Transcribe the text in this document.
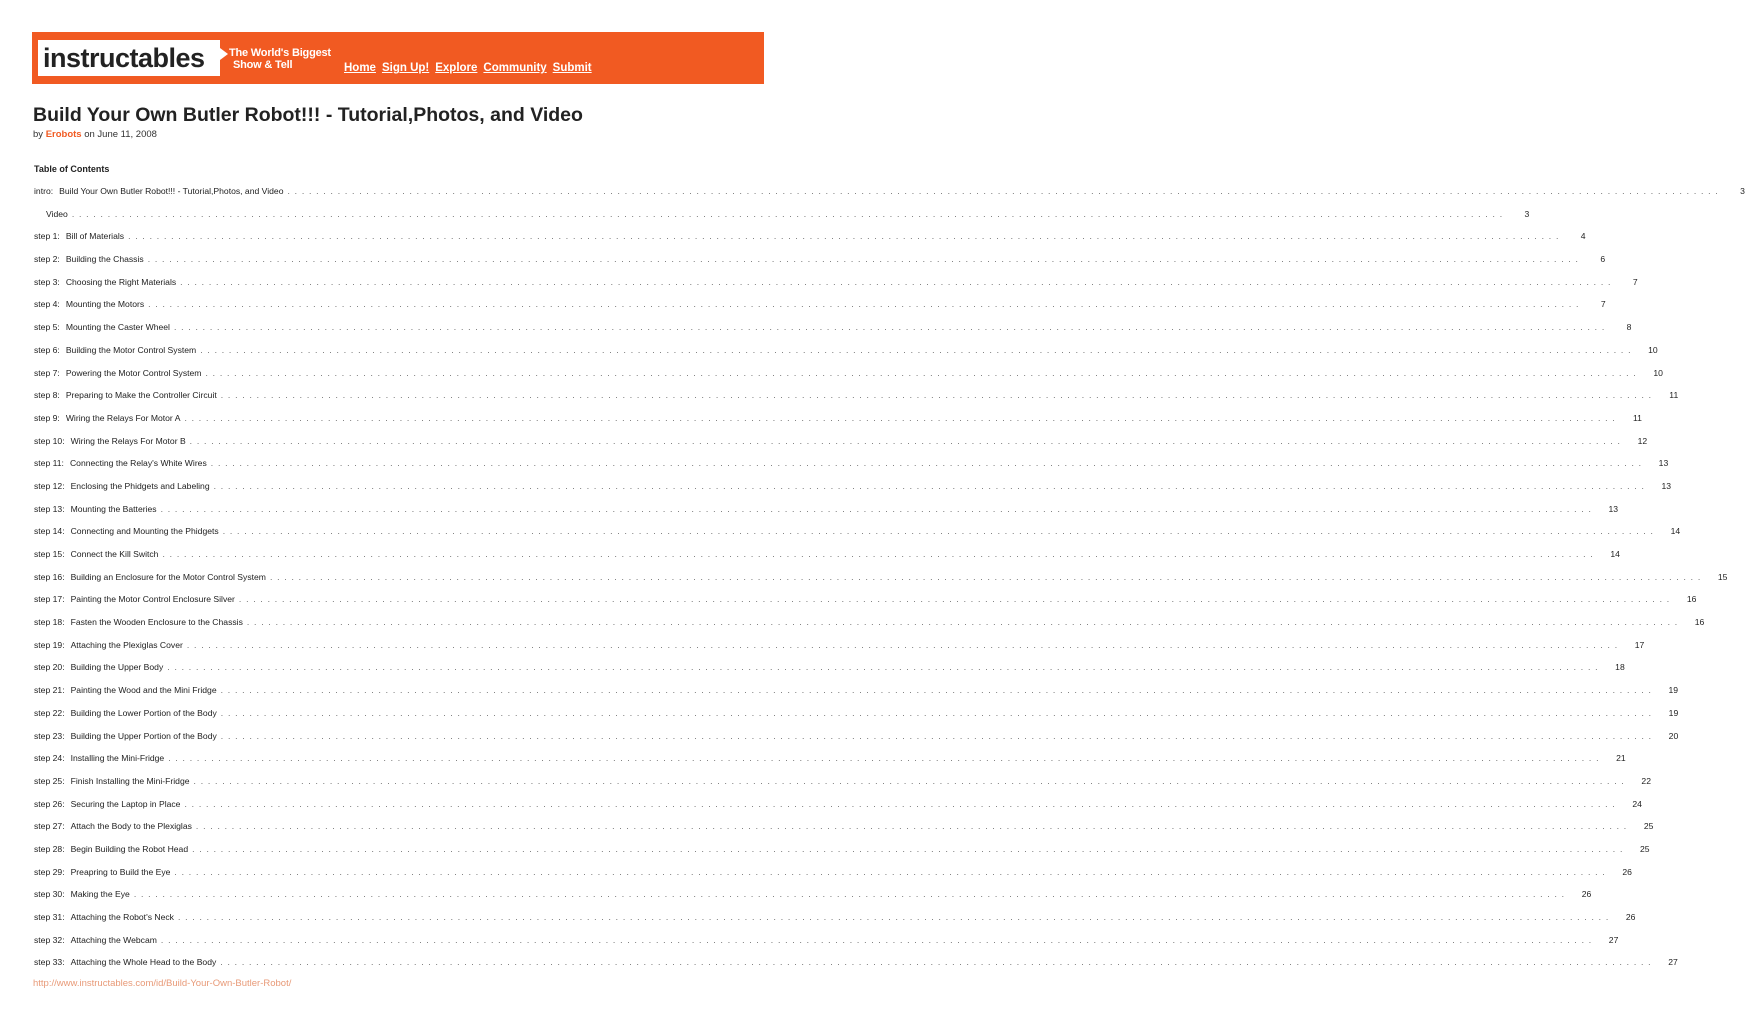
instructables The World's Biggest
Show & Tell	Home Sign Up! Explore Community Submit
Build Your Own Butler Robot!!! - Tutorial,Photos, and Video
by Erobots on June 11, 2008
Table of Contents
intro: Build Your Own Butler Robot!!! - Tutorial,Photos, and Video . . . . . . . . . . . . . . . . . . . . . . . . . . . . . . . . . . . . . . . . . . . . . . . . . . . . . . . . . . . . . . . . . . . . . . . . . . . . . . . . . . . . . . . . . . . . . . . . . . . . . . . . . . . . . . . . . . . . . . . . . . . . . . . . . . . . . . . . . . . . . . . . . . . . . . . . . . . . . . . . . . . . . . . . . . . . . . . . . . . . . . . . . . . . . . . . . . . . . . . .	3
Video . . . . . . . . . . . . . . . . . . . . . . . . . . . . . . . . . . . . . . . . . . . . . . . . . . . . . . . . . . . . . . . . . . . . . . . . . . . . . . . . . . . . . . . . . . . . . . . . . . . . . . . . . . . . . . . . . . . . . . . . . . . . . . . . . . . . . . . . . . . . . . . . . . . . . . . . . . . . . . . . . . . . . . . . . . . . . . . . . . . . . . . . . . . . . . . . . . . . . . . .	3
step 1: Bill of Materials . . . . . . . . . . . . . . . . . . . . . . . . . . . . . . . . . . . . . . . . . . . . . . . . . . . . . . . . . . . . . . . . . . . . . . . . . . . . . . . . . . . . . . . . . . . . . . . . . . . . . . . . . . . . . . . . . . . . . . . . . . . . . . . . . . . . . . . . . . . . . . . . . . . . . . . . . . . . . . . . . . . . . . . . . . . . . . . . . . . . . . . . . . . . . . . . . . . . . . . .	4
step 2: Building the Chassis . . . . . . . . . . . . . . . . . . . . . . . . . . . . . . . . . . . . . . . . . . . . . . . . . . . . . . . . . . . . . . . . . . . . . . . . . . . . . . . . . . . . . . . . . . . . . . . . . . . . . . . . . . . . . . . . . . . . . . . . . . . . . . . . . . . . . . . . . . . . . . . . . . . . . . . . . . . . . . . . . . . . . . . . . . . . . . . . . . . . . . . . . . . . . . . . . . . . . . . .	6
step 3: Choosing the Right Materials . . . . . . . . . . . . . . . . . . . . . . . . . . . . . . . . . . . . . . . . . . . . . . . . . . . . . . . . . . . . . . . . . . . . . . . . . . . . . . . . . . . . . . . . . . . . . . . . . . . . . . . . . . . . . . . . . . . . . . . . . . . . . . . . . . . . . . . . . . . . . . . . . . . . . . . . . . . . . . . . . . . . . . . . . . . . . . . . . . . . . . . . . . . . . . . . . . . . . . . .	7
step 4: Mounting the Motors . . . . . . . . . . . . . . . . . . . . . . . . . . . . . . . . . . . . . . . . . . . . . . . . . . . . . . . . . . . . . . . . . . . . . . . . . . . . . . . . . . . . . . . . . . . . . . . . . . . . . . . . . . . . . . . . . . . . . . . . . . . . . . . . . . . . . . . . . . . . . . . . . . . . . . . . . . . . . . . . . . . . . . . . . . . . . . . . . . . . . . . . . . . . . . . . . . . . . . . .	7
step 5: Mounting the Caster Wheel . . . . . . . . . . . . . . . . . . . . . . . . . . . . . . . . . . . . . . . . . . . . . . . . . . . . . . . . . . . . . . . . . . . . . . . . . . . . . . . . . . . . . . . . . . . . . . . . . . . . . . . . . . . . . . . . . . . . . . . . . . . . . . . . . . . . . . . . . . . . . . . . . . . . . . . . . . . . . . . . . . . . . . . . . . . . . . . . . . . . . . . . . . . . . . . . . . . . . . . .	8
step 6: Building the Motor Control System . . . . . . . . . . . . . . . . . . . . . . . . . . . . . . . . . . . . . . . . . . . . . . . . . . . . . . . . . . . . . . . . . . . . . . . . . . . . . . . . . . . . . . . . . . . . . . . . . . . . . . . . . . . . . . . . . . . . . . . . . . . . . . . . . . . . . . . . . . . . . . . . . . . . . . . . . . . . . . . . . . . . . . . . . . . . . . . . . . . . . . . . . . . . . . . . . . . . . . . .	10
step 7: Powering the Motor Control System . . . . . . . . . . . . . . . . . . . . . . . . . . . . . . . . . . . . . . . . . . . . . . . . . . . . . . . . . . . . . . . . . . . . . . . . . . . . . . . . . . . . . . . . . . . . . . . . . . . . . . . . . . . . . . . . . . . . . . . . . . . . . . . . . . . . . . . . . . . . . . . . . . . . . . . . . . . . . . . . . . . . . . . . . . . . . . . . . . . . . . . . . . . . . . . . . . . . . . . .	10
step 8: Preparing to Make the Controller Circuit . . . . . . . . . . . . . . . . . . . . . . . . . . . . . . . . . . . . . . . . . . . . . . . . . . . . . . . . . . . . . . . . . . . . . . . . . . . . . . . . . . . . . . . . . . . . . . . . . . . . . . . . . . . . . . . . . . . . . . . . . . . . . . . . . . . . . . . . . . . . . . . . . . . . . . . . . . . . . . . . . . . . . . . . . . . . . . . . . . . . . . . . . . . . . . . . . . . . . . . .	11
step 9: Wiring the Relays For Motor A . . . . . . . . . . . . . . . . . . . . . . . . . . . . . . . . . . . . . . . . . . . . . . . . . . . . . . . . . . . . . . . . . . . . . . . . . . . . . . . . . . . . . . . . . . . . . . . . . . . . . . . . . . . . . . . . . . . . . . . . . . . . . . . . . . . . . . . . . . . . . . . . . . . . . . . . . . . . . . . . . . . . . . . . . . . . . . . . . . . . . . . . . . . . . . . . . . . . . . . .	11
step 10: Wiring the Relays For Motor B . . . . . . . . . . . . . . . . . . . . . . . . . . . . . . . . . . . . . . . . . . . . . . . . . . . . . . . . . . . . . . . . . . . . . . . . . . . . . . . . . . . . . . . . . . . . . . . . . . . . . . . . . . . . . . . . . . . . . . . . . . . . . . . . . . . . . . . . . . . . . . . . . . . . . . . . . . . . . . . . . . . . . . . . . . . . . . . . . . . . . . . . . . . . . . . . . . . . . . . .	12
step 11: Connecting the Relay's White Wires . . . . . . . . . . . . . . . . . . . . . . . . . . . . . . . . . . . . . . . . . . . . . . . . . . . . . . . . . . . . . . . . . . . . . . . . . . . . . . . . . . . . . . . . . . . . . . . . . . . . . . . . . . . . . . . . . . . . . . . . . . . . . . . . . . . . . . . . . . . . . . . . . . . . . . . . . . . . . . . . . . . . . . . . . . . . . . . . . . . . . . . . . . . . . . . . . . . . . . . .	13
step 12: Enclosing the Phidgets and Labeling . . . . . . . . . . . . . . . . . . . . . . . . . . . . . . . . . . . . . . . . . . . . . . . . . . . . . . . . . . . . . . . . . . . . . . . . . . . . . . . . . . . . . . . . . . . . . . . . . . . . . . . . . . . . . . . . . . . . . . . . . . . . . . . . . . . . . . . . . . . . . . . . . . . . . . . . . . . . . . . . . . . . . . . . . . . . . . . . . . . . . . . . . . . . . . . . . . . . . . . .	13
step 13: Mounting the Batteries . . . . . . . . . . . . . . . . . . . . . . . . . . . . . . . . . . . . . . . . . . . . . . . . . . . . . . . . . . . . . . . . . . . . . . . . . . . . . . . . . . . . . . . . . . . . . . . . . . . . . . . . . . . . . . . . . . . . . . . . . . . . . . . . . . . . . . . . . . . . . . . . . . . . . . . . . . . . . . . . . . . . . . . . . . . . . . . . . . . . . . . . . . . . . . . . . . . . . . . .	13
step 14: Connecting and Mounting the Phidgets . . . . . . . . . . . . . . . . . . . . . . . . . . . . . . . . . . . . . . . . . . . . . . . . . . . . . . . . . . . . . . . . . . . . . . . . . . . . . . . . . . . . . . . . . . . . . . . . . . . . . . . . . . . . . . . . . . . . . . . . . . . . . . . . . . . . . . . . . . . . . . . . . . . . . . . . . . . . . . . . . . . . . . . . . . . . . . . . . . . . . . . . . . . . . . . . . . . . . . . .	14
step 15: Connect the Kill Switch . . . . . . . . . . . . . . . . . . . . . . . . . . . . . . . . . . . . . . . . . . . . . . . . . . . . . . . . . . . . . . . . . . . . . . . . . . . . . . . . . . . . . . . . . . . . . . . . . . . . . . . . . . . . . . . . . . . . . . . . . . . . . . . . . . . . . . . . . . . . . . . . . . . . . . . . . . . . . . . . . . . . . . . . . . . . . . . . . . . . . . . . . . . . . . . . . . . . . . . .	14
step 16: Building an Enclosure for the Motor Control System . . . . . . . . . . . . . . . . . . . . . . . . . . . . . . . . . . . . . . . . . . . . . . . . . . . . . . . . . . . . . . . . . . . . . . . . . . . . . . . . . . . . . . . . . . . . . . . . . . . . . . . . . . . . . . . . . . . . . . . . . . . . . . . . . . . . . . . . . . . . . . . . . . . . . . . . . . . . . . . . . . . . . . . . . . . . . . . . . . . . . . . . . . . . . . . . . . . . . . . .	15
step 17: Painting the Motor Control Enclosure Silver . . . . . . . . . . . . . . . . . . . . . . . . . . . . . . . . . . . . . . . . . . . . . . . . . . . . . . . . . . . . . . . . . . . . . . . . . . . . . . . . . . . . . . . . . . . . . . . . . . . . . . . . . . . . . . . . . . . . . . . . . . . . . . . . . . . . . . . . . . . . . . . . . . . . . . . . . . . . . . . . . . . . . . . . . . . . . . . . . . . . . . . . . . . . . . . . . . . . . . . .	16
step 18: Fasten the Wooden Enclosure to the Chassis . . . . . . . . . . . . . . . . . . . . . . . . . . . . . . . . . . . . . . . . . . . . . . . . . . . . . . . . . . . . . . . . . . . . . . . . . . . . . . . . . . . . . . . . . . . . . . . . . . . . . . . . . . . . . . . . . . . . . . . . . . . . . . . . . . . . . . . . . . . . . . . . . . . . . . . . . . . . . . . . . . . . . . . . . . . . . . . . . . . . . . . . . . . . . . . . . . . . . . . .	16
step 19: Attaching the Plexiglas Cover . . . . . . . . . . . . . . . . . . . . . . . . . . . . . . . . . . . . . . . . . . . . . . . . . . . . . . . . . . . . . . . . . . . . . . . . . . . . . . . . . . . . . . . . . . . . . . . . . . . . . . . . . . . . . . . . . . . . . . . . . . . . . . . . . . . . . . . . . . . . . . . . . . . . . . . . . . . . . . . . . . . . . . . . . . . . . . . . . . . . . . . . . . . . . . . . . . . . . . . .	17
step 20: Building the Upper Body . . . . . . . . . . . . . . . . . . . . . . . . . . . . . . . . . . . . . . . . . . . . . . . . . . . . . . . . . . . . . . . . . . . . . . . . . . . . . . . . . . . . . . . . . . . . . . . . . . . . . . . . . . . . . . . . . . . . . . . . . . . . . . . . . . . . . . . . . . . . . . . . . . . . . . . . . . . . . . . . . . . . . . . . . . . . . . . . . . . . . . . . . . . . . . . . . . . . . . . .	18
step 21: Painting the Wood and the Mini Fridge . . . . . . . . . . . . . . . . . . . . . . . . . . . . . . . . . . . . . . . . . . . . . . . . . . . . . . . . . . . . . . . . . . . . . . . . . . . . . . . . . . . . . . . . . . . . . . . . . . . . . . . . . . . . . . . . . . . . . . . . . . . . . . . . . . . . . . . . . . . . . . . . . . . . . . . . . . . . . . . . . . . . . . . . . . . . . . . . . . . . . . . . . . . . . . . . . . . . . . . .	19
step 22: Building the Lower Portion of the Body . . . . . . . . . . . . . . . . . . . . . . . . . . . . . . . . . . . . . . . . . . . . . . . . . . . . . . . . . . . . . . . . . . . . . . . . . . . . . . . . . . . . . . . . . . . . . . . . . . . . . . . . . . . . . . . . . . . . . . . . . . . . . . . . . . . . . . . . . . . . . . . . . . . . . . . . . . . . . . . . . . . . . . . . . . . . . . . . . . . . . . . . . . . . . . . . . . . . . . . .	19
step 23: Building the Upper Portion of the Body . . . . . . . . . . . . . . . . . . . . . . . . . . . . . . . . . . . . . . . . . . . . . . . . . . . . . . . . . . . . . . . . . . . . . . . . . . . . . . . . . . . . . . . . . . . . . . . . . . . . . . . . . . . . . . . . . . . . . . . . . . . . . . . . . . . . . . . . . . . . . . . . . . . . . . . . . . . . . . . . . . . . . . . . . . . . . . . . . . . . . . . . . . . . . . . . . . . . . . . .	20
step 24: Installing the Mini-Fridge . . . . . . . . . . . . . . . . . . . . . . . . . . . . . . . . . . . . . . . . . . . . . . . . . . . . . . . . . . . . . . . . . . . . . . . . . . . . . . . . . . . . . . . . . . . . . . . . . . . . . . . . . . . . . . . . . . . . . . . . . . . . . . . . . . . . . . . . . . . . . . . . . . . . . . . . . . . . . . . . . . . . . . . . . . . . . . . . . . . . . . . . . . . . . . . . . . . . . . . .	21
step 25: Finish Installing the Mini-Fridge . . . . . . . . . . . . . . . . . . . . . . . . . . . . . . . . . . . . . . . . . . . . . . . . . . . . . . . . . . . . . . . . . . . . . . . . . . . . . . . . . . . . . . . . . . . . . . . . . . . . . . . . . . . . . . . . . . . . . . . . . . . . . . . . . . . . . . . . . . . . . . . . . . . . . . . . . . . . . . . . . . . . . . . . . . . . . . . . . . . . . . . . . . . . . . . . . . . . . . . .	22
step 26: Securing the Laptop in Place . . . . . . . . . . . . . . . . . . . . . . . . . . . . . . . . . . . . . . . . . . . . . . . . . . . . . . . . . . . . . . . . . . . . . . . . . . . . . . . . . . . . . . . . . . . . . . . . . . . . . . . . . . . . . . . . . . . . . . . . . . . . . . . . . . . . . . . . . . . . . . . . . . . . . . . . . . . . . . . . . . . . . . . . . . . . . . . . . . . . . . . . . . . . . . . . . . . . . . . .	24
step 27: Attach the Body to the Plexiglas . . . . . . . . . . . . . . . . . . . . . . . . . . . . . . . . . . . . . . . . . . . . . . . . . . . . . . . . . . . . . . . . . . . . . . . . . . . . . . . . . . . . . . . . . . . . . . . . . . . . . . . . . . . . . . . . . . . . . . . . . . . . . . . . . . . . . . . . . . . . . . . . . . . . . . . . . . . . . . . . . . . . . . . . . . . . . . . . . . . . . . . . . . . . . . . . . . . . . . . .	25
step 28: Begin Building the Robot Head . . . . . . . . . . . . . . . . . . . . . . . . . . . . . . . . . . . . . . . . . . . . . . . . . . . . . . . . . . . . . . . . . . . . . . . . . . . . . . . . . . . . . . . . . . . . . . . . . . . . . . . . . . . . . . . . . . . . . . . . . . . . . . . . . . . . . . . . . . . . . . . . . . . . . . . . . . . . . . . . . . . . . . . . . . . . . . . . . . . . . . . . . . . . . . . . . . . . . . . .	25
step 29: Preapring to Build the Eye . . . . . . . . . . . . . . . . . . . . . . . . . . . . . . . . . . . . . . . . . . . . . . . . . . . . . . . . . . . . . . . . . . . . . . . . . . . . . . . . . . . . . . . . . . . . . . . . . . . . . . . . . . . . . . . . . . . . . . . . . . . . . . . . . . . . . . . . . . . . . . . . . . . . . . . . . . . . . . . . . . . . . . . . . . . . . . . . . . . . . . . . . . . . . . . . . . . . . . . .	26
step 30: Making the Eye . . . . . . . . . . . . . . . . . . . . . . . . . . . . . . . . . . . . . . . . . . . . . . . . . . . . . . . . . . . . . . . . . . . . . . . . . . . . . . . . . . . . . . . . . . . . . . . . . . . . . . . . . . . . . . . . . . . . . . . . . . . . . . . . . . . . . . . . . . . . . . . . . . . . . . . . . . . . . . . . . . . . . . . . . . . . . . . . . . . . . . . . . . . . . . . . . . . . . . . .	26
step 31: Attaching the Robot's Neck . . . . . . . . . . . . . . . . . . . . . . . . . . . . . . . . . . . . . . . . . . . . . . . . . . . . . . . . . . . . . . . . . . . . . . . . . . . . . . . . . . . . . . . . . . . . . . . . . . . . . . . . . . . . . . . . . . . . . . . . . . . . . . . . . . . . . . . . . . . . . . . . . . . . . . . . . . . . . . . . . . . . . . . . . . . . . . . . . . . . . . . . . . . . . . . . . . . . . . . .	26
step 32: Attaching the Webcam . . . . . . . . . . . . . . . . . . . . . . . . . . . . . . . . . . . . . . . . . . . . . . . . . . . . . . . . . . . . . . . . . . . . . . . . . . . . . . . . . . . . . . . . . . . . . . . . . . . . . . . . . . . . . . . . . . . . . . . . . . . . . . . . . . . . . . . . . . . . . . . . . . . . . . . . . . . . . . . . . . . . . . . . . . . . . . . . . . . . . . . . . . . . . . . . . . . . . . . .	27
step 33: Attaching the Whole Head to the Body . . . . . . . . . . . . . . . . . . . . . . . . . . . . . . . . . . . . . . . . . . . . . . . . . . . . . . . . . . . . . . . . . . . . . . . . . . . . . . . . . . . . . . . . . . . . . . . . . . . . . . . . . . . . . . . . . . . . . . . . . . . . . . . . . . . . . . . . . . . . . . . . . . . . . . . . . . . . . . . . . . . . . . . . . . . . . . . . . . . . . . . . . . . . . . . . . . . . . . . .	27
http://www.instructables.com/id/Build-Your-Own-Butler-Robot/
